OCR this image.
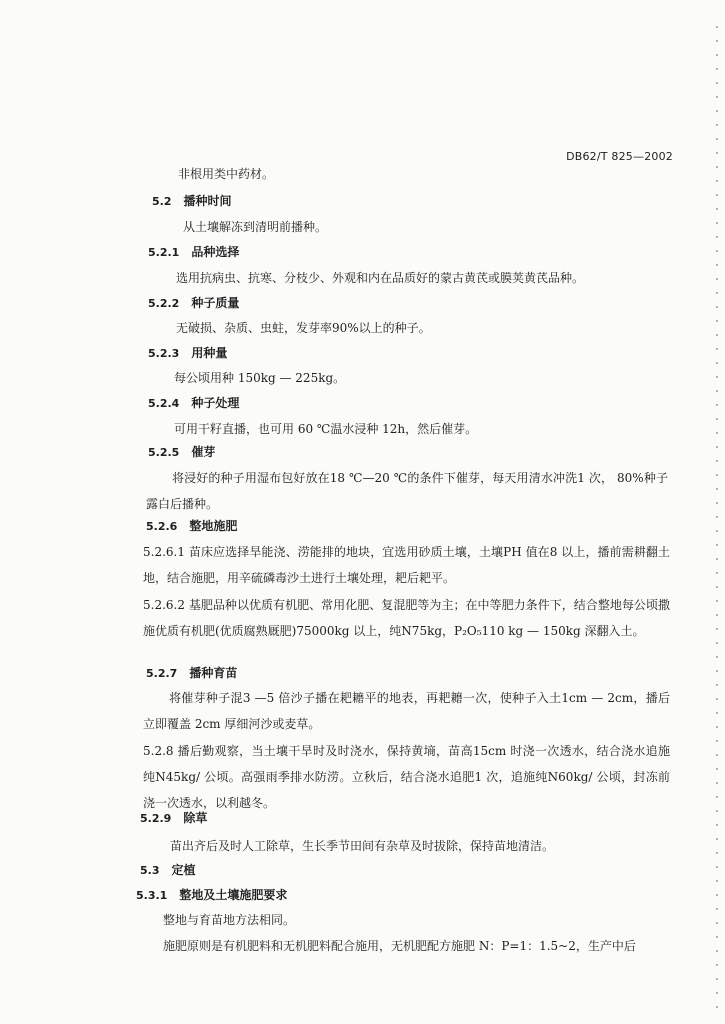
DB62/T 825—2002
非根用类中药材。
5.2 播种时间
从土壤解冻到清明前播种。
5.2.1 品种选择
选用抗病虫、抗寒、分枝少、外观和内在品质好的蒙古黄芪或膜荚黄芪品种。
5.2.2 种子质量
无破损、杂质、虫蛀，发芽率90%以上的种子。
5.2.3 用种量
每公顷用种 150kg — 225kg。
5.2.4 种子处理
可用干籽直播，也可用 60 ℃温水浸种 12h，然后催芽。
5.2.5 催芽
将浸好的种子用湿布包好放在18 ℃—20 ℃的条件下催芽，每天用清水冲洗1 次， 80%种子露白后播种。
5.2.6 整地施肥
5.2.6.1 苗床应选择旱能浇、涝能排的地块，宜选用砂质土壤，土壤PH 值在8 以上，播前需耕翻土地，结合施肥，用辛硫磷毒沙土进行土壤处理，耙后耙平。
5.2.6.2 基肥品种以优质有机肥、常用化肥、复混肥等为主；在中等肥力条件下，结合整地每公顷撒施优质有机肥(优质腐熟厩肥)75000kg 以上，纯N75kg，P₂O₅110 kg — 150kg 深翻入土。
5.2.7 播种育苗
将催芽种子混3 —5 倍沙子播在耙耱平的地表，再耙耱一次，使种子入土1cm — 2cm，播后立即覆盖 2cm 厚细河沙或麦草。
5.2.8 播后勤观察，当土壤干旱时及时浇水，保持黄墒，苗高15cm 时浇一次透水，结合浇水追施纯N45kg/ 公顷。高强雨季排水防涝。立秋后，结合浇水追肥1 次，追施纯N60kg/ 公顷，封冻前浇一次透水，以利越冬。
5.2.9 除草
苗出齐后及时人工除草，生长季节田间有杂草及时拔除，保持苗地清洁。
5.3 定植
5.3.1 整地及土壤施肥要求
整地与育苗地方法相同。
施肥原则是有机肥料和无机肥料配合施用，无机肥配方施肥 N：P=1：1.5~2，生产中后
